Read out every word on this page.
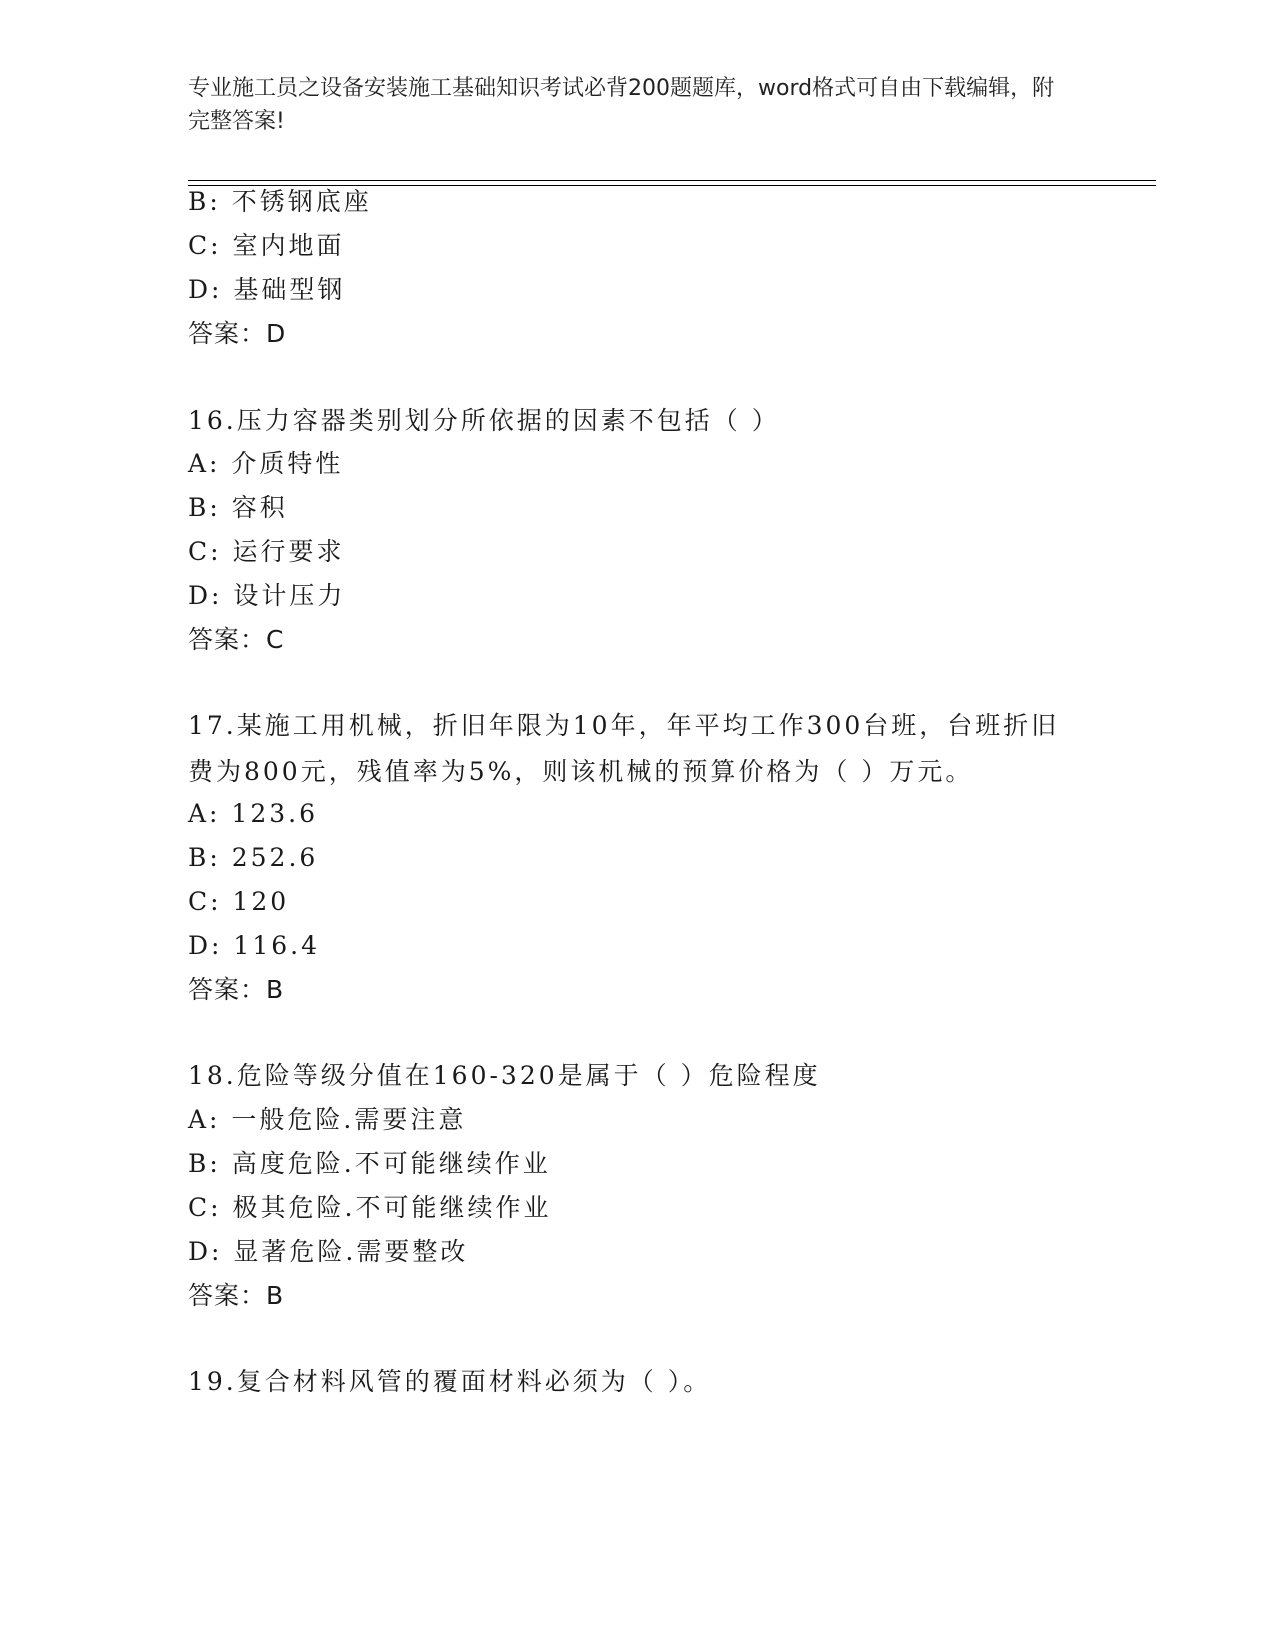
专业施工员之设备安装施工基础知识考试必背200题题库，word格式可自由下载编辑，附完整答案!
B: 不锈钢底座
C: 室内地面
D: 基础型钢
答案：D
16.压力容器类别划分所依据的因素不包括（ ）
A: 介质特性
B: 容积
C: 运行要求
D: 设计压力
答案：C
17.某施工用机械，折旧年限为10年，年平均工作300台班，台班折旧费为800元，残值率为5%，则该机械的预算价格为（ ）万元。
A: 123.6
B: 252.6
C: 120
D: 116.4
答案：B
18.危险等级分值在160-320是属于（ ）危险程度
A: 一般危险.需要注意
B: 高度危险.不可能继续作业
C: 极其危险.不可能继续作业
D: 显著危险.需要整改
答案：B
19.复合材料风管的覆面材料必须为（ ）。
